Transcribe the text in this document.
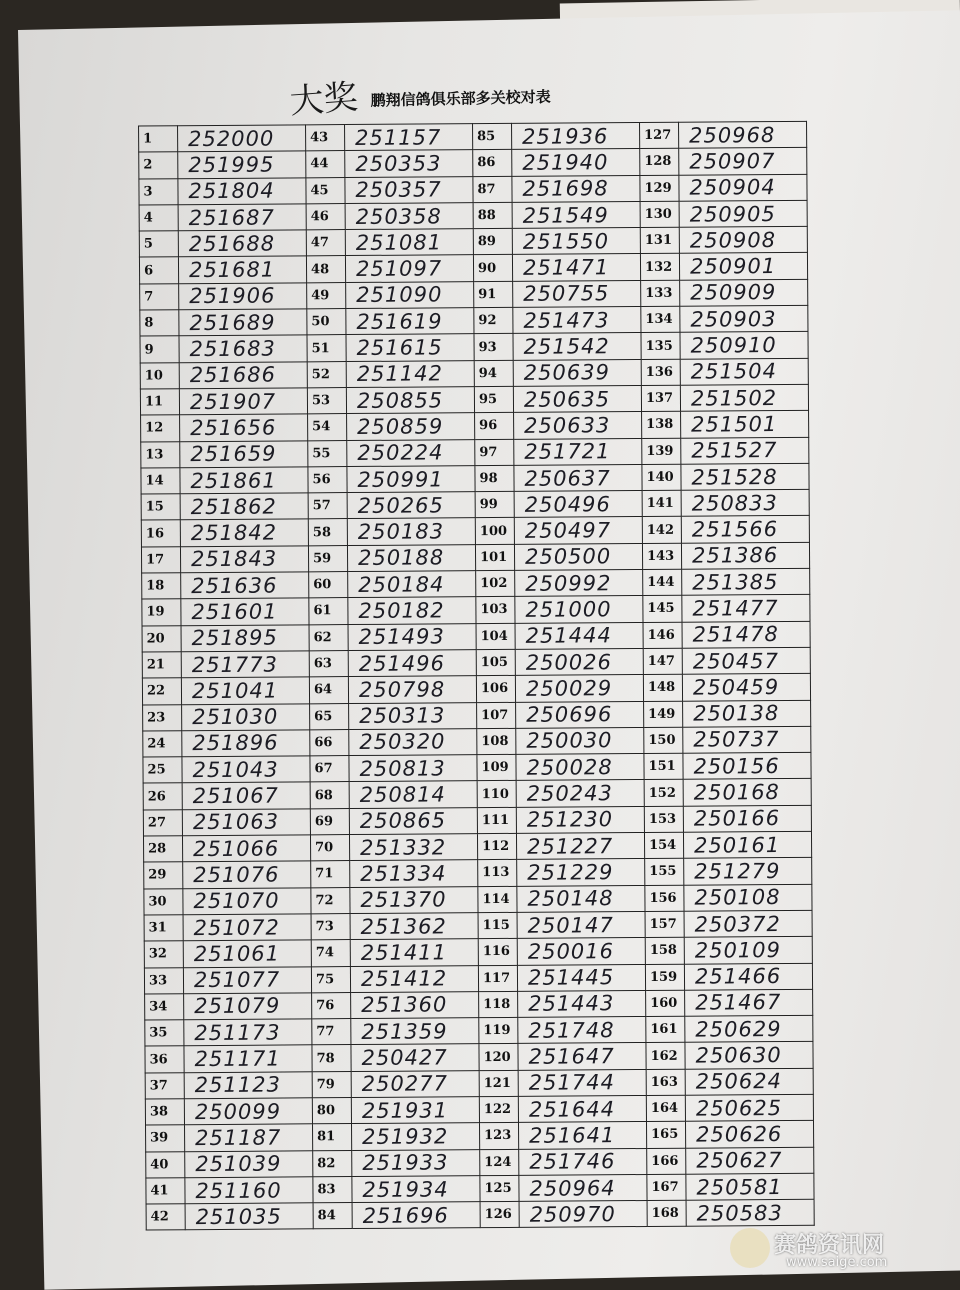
大奖 鹏翔信鸽俱乐部多关校对表
1	252000	43	251157	85	251936	127	250968
2	251995	44	250353	86	251940	128	250907
3	251804	45	250357	87	251698	129	250904
4	251687	46	250358	88	251549	130	250905
5	251688	47	251081	89	251550	131	250908
6	251681	48	251097	90	251471	132	250901
7	251906	49	251090	91	250755	133	250909
8	251689	50	251619	92	251473	134	250903
9	251683	51	251615	93	251542	135	250910
10	251686	52	251142	94	250639	136	251504
11	251907	53	250855	95	250635	137	251502
12	251656	54	250859	96	250633	138	251501
13	251659	55	250224	97	251721	139	251527
14	251861	56	250991	98	250637	140	251528
15	251862	57	250265	99	250496	141	250833
16	251842	58	250183	100	250497	142	251566
17	251843	59	250188	101	250500	143	251386
18	251636	60	250184	102	250992	144	251385
19	251601	61	250182	103	251000	145	251477
20	251895	62	251493	104	251444	146	251478
21	251773	63	251496	105	250026	147	250457
22	251041	64	250798	106	250029	148	250459
23	251030	65	250313	107	250696	149	250138
24	251896	66	250320	108	250030	150	250737
25	251043	67	250813	109	250028	151	250156
26	251067	68	250814	110	250243	152	250168
27	251063	69	250865	111	251230	153	250166
28	251066	70	251332	112	251227	154	250161
29	251076	71	251334	113	251229	155	251279
30	251070	72	251370	114	250148	156	250108
31	251072	73	251362	115	250147	157	250372
32	251061	74	251411	116	250016	158	250109
33	251077	75	251412	117	251445	159	251466
34	251079	76	251360	118	251443	160	251467
35	251173	77	251359	119	251748	161	250629
36	251171	78	250427	120	251647	162	250630
37	251123	79	250277	121	251744	163	250624
38	250099	80	251931	122	251644	164	250625
39	251187	81	251932	123	251641	165	250626
40	251039	82	251933	124	251746	166	250627
41	251160	83	251934	125	250964	167	250581
42	251035	84	251696	126	250970	168	250583
赛鸽资讯网
www.saige.com
